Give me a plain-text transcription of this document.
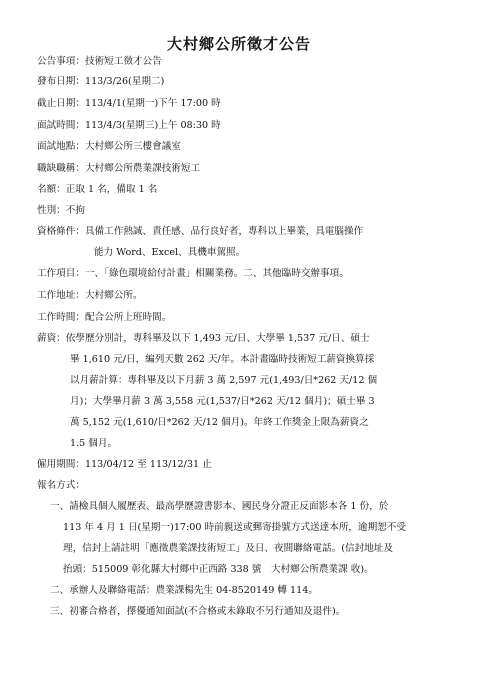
大村鄉公所徵才公告
公告事項：技術短工徵才公告
發布日期：113/3/26(星期二)
截止日期：113/4/1(星期一)下午 17:00 時
面試時間：113/4/3(星期三)上午 08:30 時
面試地點：大村鄉公所三樓會議室
職缺職稱：大村鄉公所農業課技術短工
名額：正取 1 名，備取 1 名
性別：不拘
資格條件：具備工作熱誠、責任感、品行良好者，專科以上畢業，具電腦操作
能力 Word、Excel、具機車駕照。
工作項目：一、「綠色環境給付計畫」相關業務。二、其他臨時交辦事項。
工作地址：大村鄉公所。
工作時間：配合公所上班時間。
薪資：依學歷分別計，專科畢及以下 1,493 元/日、大學畢 1,537 元/日、碩士
畢 1,610 元/日，編列天數 262 天/年。本計畫臨時技術短工薪資換算採
以月薪計算：專科畢及以下月薪 3 萬 2,597 元(1,493/日*262 天/12 個
月)；大學畢月薪 3 萬 3,558 元(1,537/日*262 天/12 個月)；碩士畢 3
萬 5,152 元(1,610/日*262 天/12 個月)。年終工作獎金上限為薪資之
1.5 個月。
僱用期間：113/04/12 至 113/12/31 止
報名方式：
一、請檢具個人履歷表、最高學歷證書影本、國民身分證正反面影本各 1 份，於
113 年 4 月 1 日(星期一)17:00 時前親送或郵寄掛號方式送達本所，逾期恕不受
理，信封上請註明「應徵農業課技術短工」及日、夜間聯絡電話。(信封地址及
抬頭：515009 彰化縣大村鄉中正西路 338 號　大村鄉公所農業課 收)。
二、承辦人及聯絡電話：農業課楊先生 04-8520149 轉 114。
三、初審合格者，擇優通知面試(不合格或未錄取不另行通知及退件)。
